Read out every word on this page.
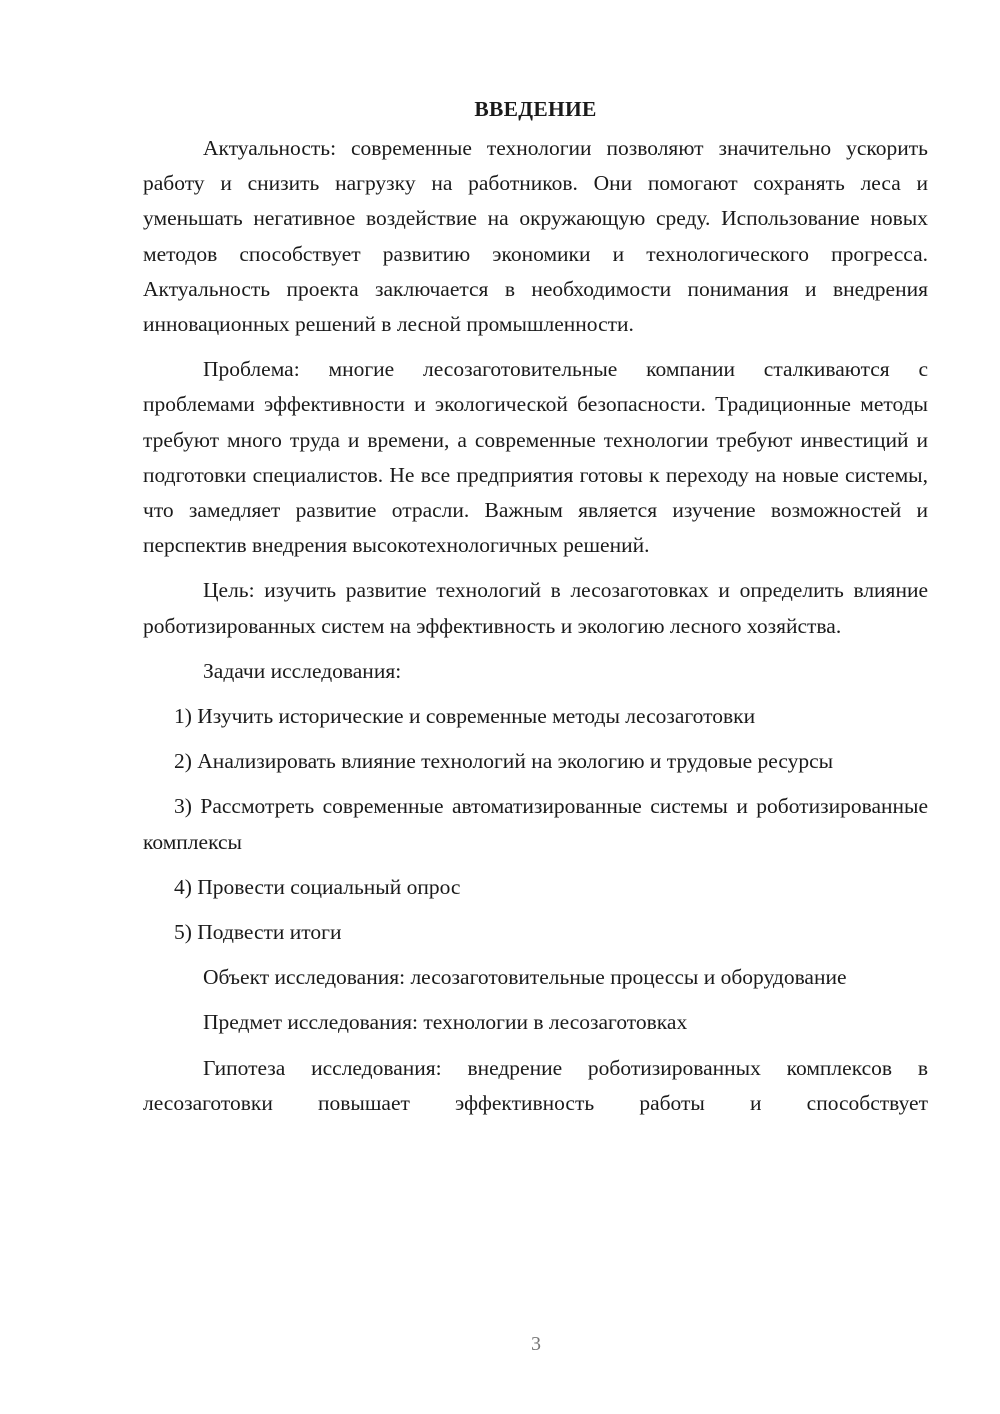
ВВЕДЕНИЕ

Актуальность: современные технологии позволяют значительно ускорить работу и снизить нагрузку на работников. Они помогают сохранять леса и уменьшать негативное воздействие на окружающую среду. Использование новых методов способствует развитию экономики и технологического прогресса. Актуальность проекта заключается в необходимости понимания и внедрения инновационных решений в лесной промышленности.

Проблема: многие лесозаготовительные компании сталкиваются с проблемами эффективности и экологической безопасности. Традиционные методы требуют много труда и времени, а современные технологии требуют инвестиций и подготовки специалистов. Не все предприятия готовы к переходу на новые системы, что замедляет развитие отрасли. Важным является изучение возможностей и перспектив внедрения высокотехнологичных решений.

Цель: изучить развитие технологий в лесозаготовках и определить влияние роботизированных систем на эффективность и экологию лесного хозяйства.

Задачи исследования:

1) Изучить исторические и современные методы лесозаготовки

2) Анализировать влияние технологий на экологию и трудовые ресурсы

3) Рассмотреть современные автоматизированные системы и роботизированные комплексы

4) Провести социальный опрос

5) Подвести итоги

Объект исследования: лесозаготовительные процессы и оборудование

Предмет исследования: технологии в лесозаготовках

Гипотеза исследования: внедрение роботизированных комплексов в лесозаготовки повышает эффективность работы и способствует

3
